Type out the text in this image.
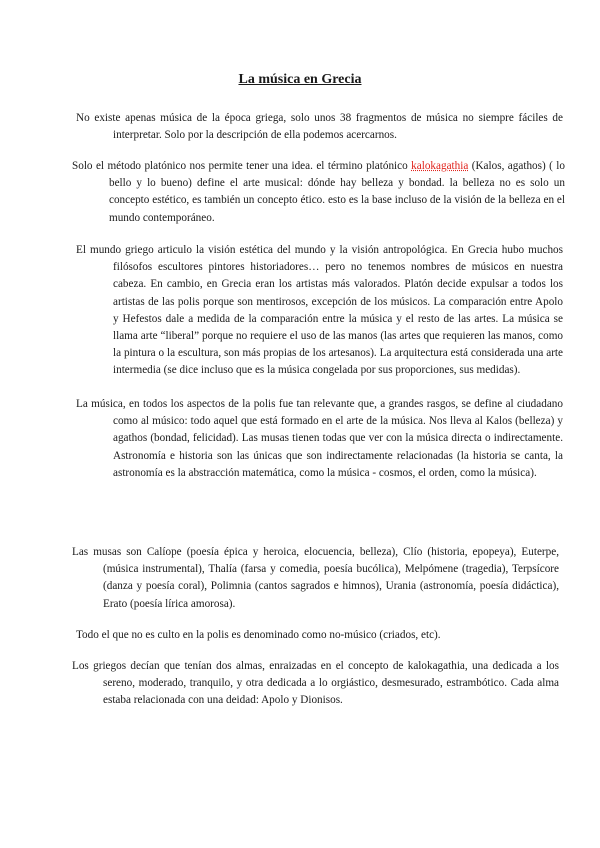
La música en Grecia

No existe apenas música de la época griega, solo unos 38 fragmentos de música no siempre fáciles de interpretar. Solo por la descripción de ella podemos acercarnos.

Solo el método platónico nos permite tener una idea. el término platónico kalokagathia (Kalos, agathos) ( lo bello y lo bueno) define el arte musical: dónde hay belleza y bondad. la belleza no es solo un concepto estético, es también un concepto ético. esto es la base incluso de la visión de la belleza en el mundo contemporáneo.

El mundo griego articulo la visión estética del mundo y la visión antropológica. En Grecia hubo muchos filósofos escultores pintores historiadores… pero no tenemos nombres de músicos en nuestra cabeza. En cambio, en Grecia eran los artistas más valorados. Platón decide expulsar a todos los artistas de las polis porque son mentirosos, excepción de los músicos. La comparación entre Apolo y Hefestos dale a medida de la comparación entre la música y el resto de las artes. La música se llama arte “liberal” porque no requiere el uso de las manos (las artes que requieren las manos, como la pintura o la escultura, son más propias de los artesanos). La arquitectura está considerada una arte intermedia (se dice incluso que es la música congelada por sus proporciones, sus medidas).

La música, en todos los aspectos de la polis fue tan relevante que, a grandes rasgos, se define al ciudadano como al músico: todo aquel que está formado en el arte de la música. Nos lleva al Kalos (belleza) y agathos (bondad, felicidad). Las musas tienen todas que ver con la música directa o indirectamente. Astronomía e historia son las únicas que son indirectamente relacionadas (la historia se canta, la astronomía es la abstracción matemática, como la música - cosmos, el orden, como la música).

Las musas son Calíope (poesía épica y heroica, elocuencia, belleza), Clío (historia, epopeya), Euterpe, (música instrumental), Thalía (farsa y comedia, poesía bucólica), Melpómene (tragedia), Terpsícore (danza y poesía coral), Polimnia (cantos sagrados e himnos), Urania (astronomía, poesía didáctica), Erato (poesía lírica amorosa).

Todo el que no es culto en la polis es denominado como no-músico (criados, etc).

Los griegos decían que tenían dos almas, enraizadas en el concepto de kalokagathia, una dedicada a los sereno, moderado, tranquilo, y otra dedicada a lo orgiástico, desmesurado, estrambótico. Cada alma estaba relacionada con una deidad: Apolo y Dionisos.
